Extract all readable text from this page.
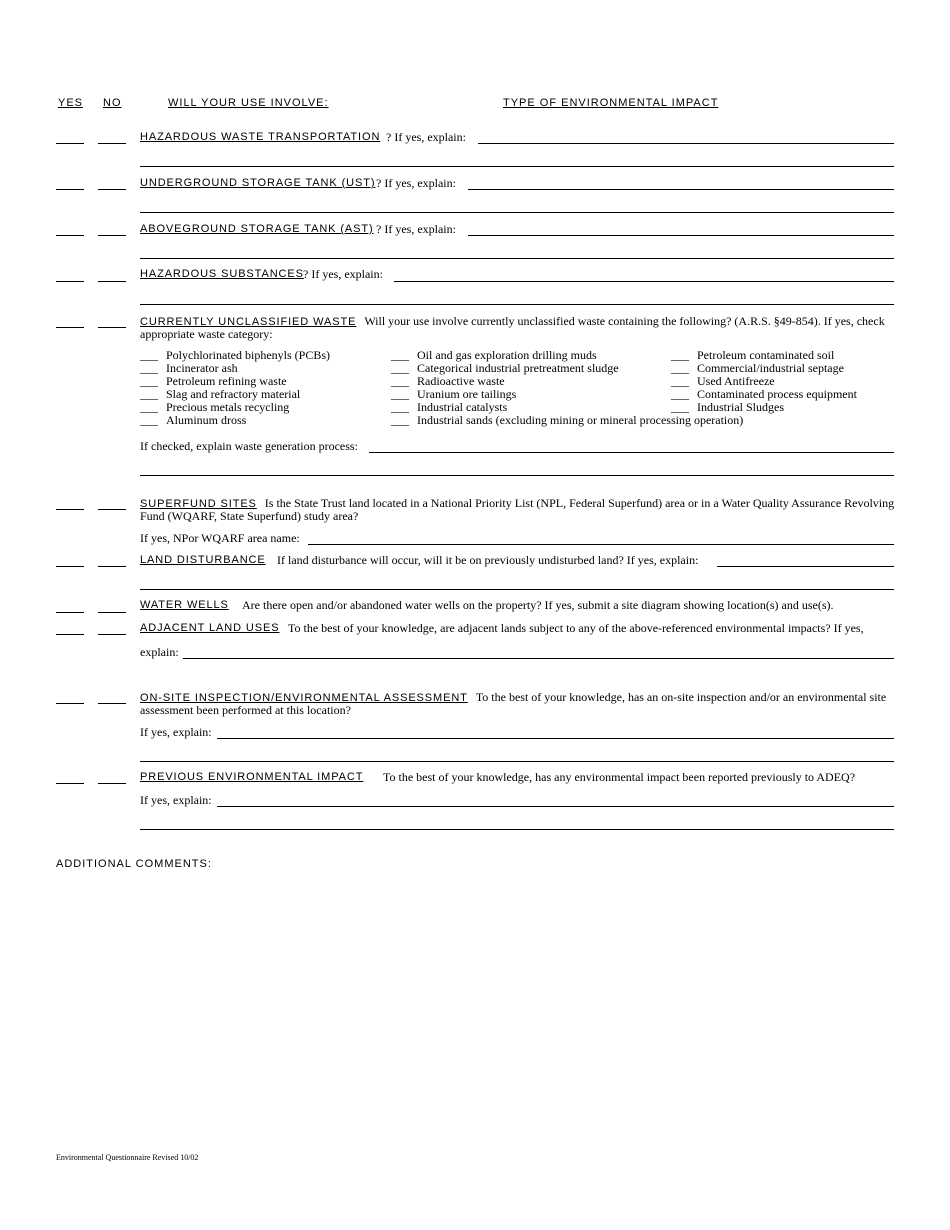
YES NO	WILL YOUR USE INVOLVE:	TYPE OF ENVIRONMENTAL IMPACT
HAZARDOUS WASTE TRANSPORTATION ? If yes, explain:
UNDERGROUND STORAGE TANK (UST) ? If yes, explain:
ABOVEGROUND STORAGE TANK (AST) ? If yes, explain:
HAZARDOUS SUBSTANCES ? If yes, explain:
CURRENTLY UNCLASSIFIED WASTE Will your use involve currently unclassified waste containing the following? (A.R.S. §49-854). If yes, check appropriate waste category:
___ Polychlorinated biphenyls (PCBs)
___ Incinerator ash
___ Petroleum refining waste
___ Slag and refractory material
___ Precious metals recycling
___ Aluminum dross
___ Oil and gas exploration drilling muds
___ Categorical industrial pretreatment sludge
___ Radioactive waste
___ Uranium ore tailings
___ Industrial catalysts
___ Industrial sands (excluding mining or mineral processing operation)
___ Petroleum contaminated soil
___ Commercial/industrial septage
___ Used Antifreeze
___ Contaminated process equipment
___ Industrial Sludges
If checked, explain waste generation process:
SUPERFUND SITES Is the State Trust land located in a National Priority List (NPL, Federal Superfund) area or in a Water Quality Assurance Revolving Fund (WQARF, State Superfund) study area?
If yes, NPor WQARF area name:
LAND DISTURBANCE If land disturbance will occur, will it be on previously undisturbed land? If yes, explain:
WATER WELLS Are there open and/or abandoned water wells on the property? If yes, submit a site diagram showing location(s) and use(s).
ADJACENT LAND USES To the best of your knowledge, are adjacent lands subject to any of the above-referenced environmental impacts? If yes,
explain:
ON-SITE INSPECTION/ENVIRONMENTAL ASSESSMENT To the best of your knowledge, has an on-site inspection and/or an environmental site assessment been performed at this location?
If yes, explain:
PREVIOUS ENVIRONMENTAL IMPACT To the best of your knowledge, has any environmental impact been reported previously to ADEQ?
If yes, explain:
ADDITIONAL COMMENTS:
Environmental Questionnaire Revised 10/02
